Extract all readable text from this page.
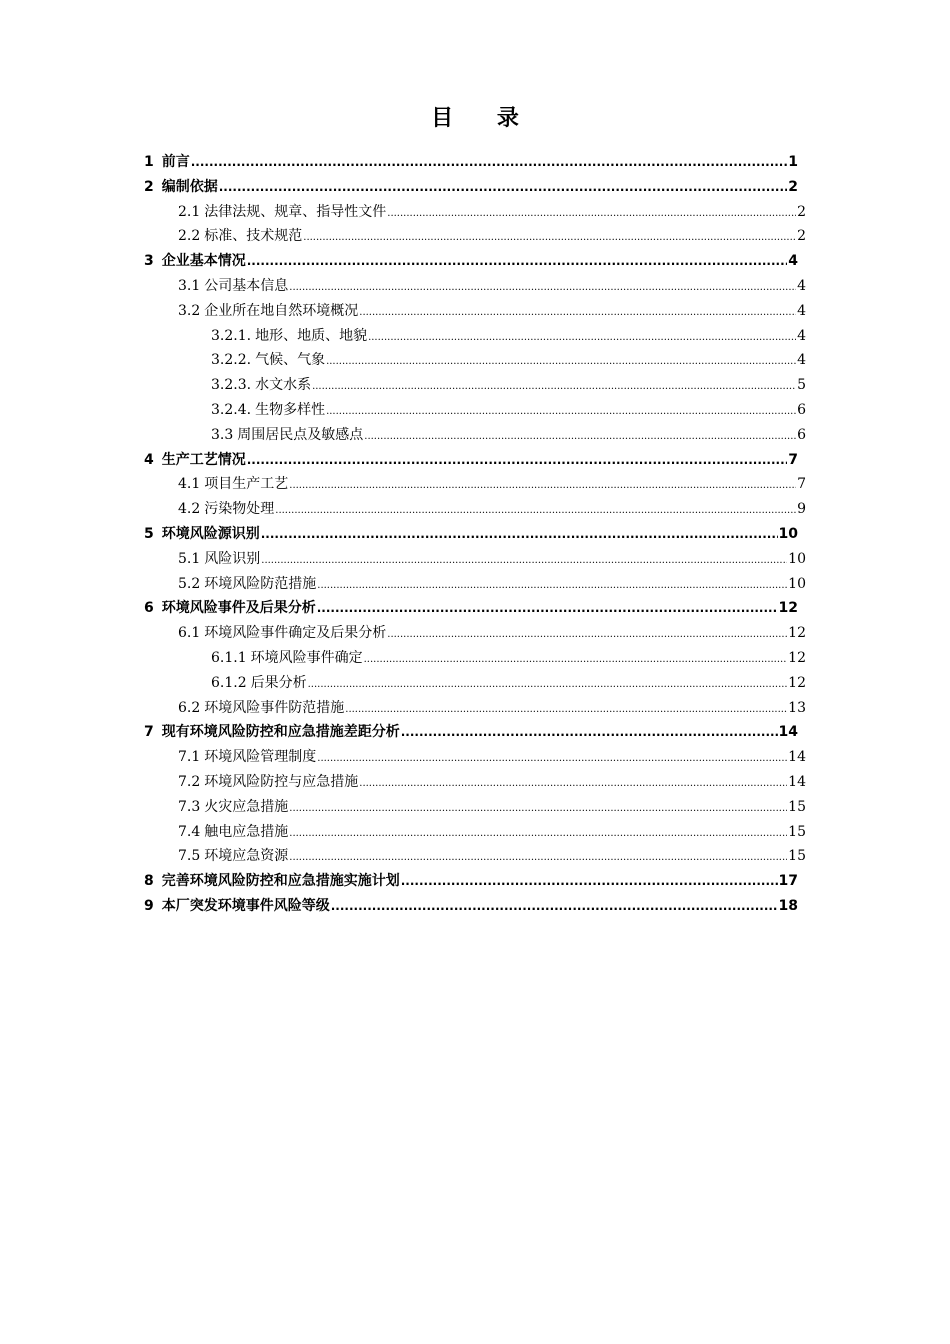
目 录
1 前言 .....	1
2 编制依据 .....	2
2.1 法律法规、规章、指导性文件 .....	2
2.2 标准、技术规范 .....	2
3 企业基本情况 .....	4
3.1 公司基本信息 .....	4
3.2 企业所在地自然环境概况 .....	4
3.2.1. 地形、地质、地貌 .....	4
3.2.2. 气候、气象 .....	4
3.2.3. 水文水系 .....	5
3.2.4. 生物多样性 .....	6
3.3 周围居民点及敏感点 .....	6
4 生产工艺情况 .....	7
4.1 项目生产工艺 .....	7
4.2 污染物处理 .....	9
5 环境风险源识别 .....	10
5.1 风险识别 .....	10
5.2 环境风险防范措施 .....	10
6 环境风险事件及后果分析 .....	12
6.1 环境风险事件确定及后果分析 .....	12
6.1.1 环境风险事件确定 .....	12
6.1.2 后果分析 .....	12
6.2 环境风险事件防范措施 .....	13
7 现有环境风险防控和应急措施差距分析 .....	14
7.1 环境风险管理制度 .....	14
7.2 环境风险防控与应急措施 .....	14
7.3 火灾应急措施 .....	15
7.4 触电应急措施 .....	15
7.5 环境应急资源 .....	15
8 完善环境风险防控和应急措施实施计划 .....	17
9 本厂突发环境事件风险等级 .....	18
